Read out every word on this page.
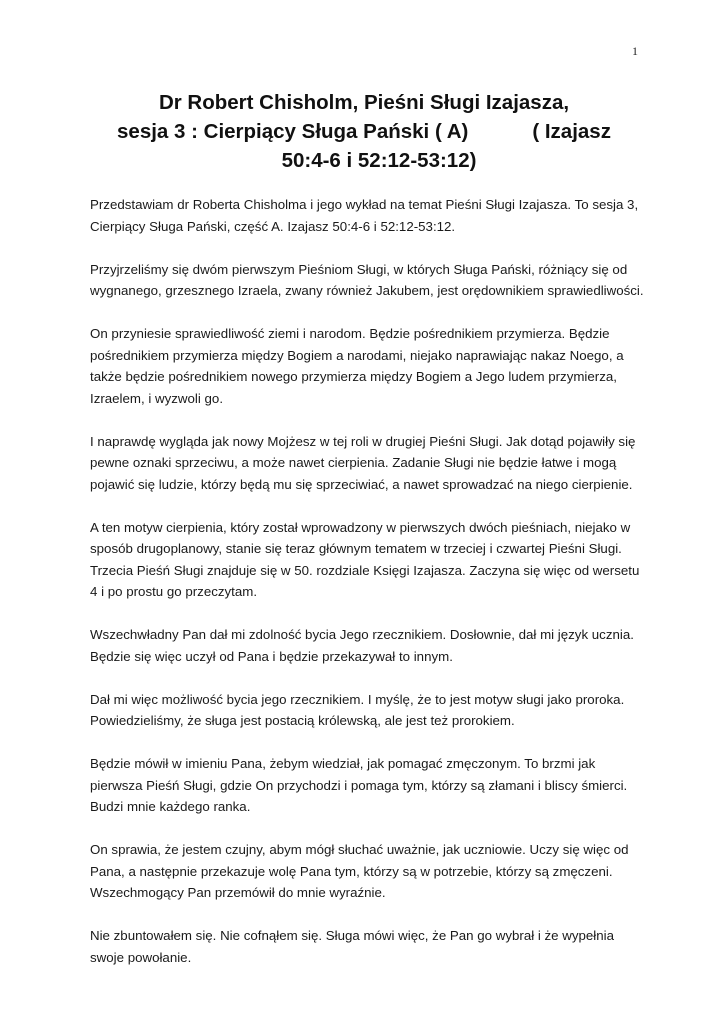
1
Dr Robert Chisholm, Pieśni Sługi Izajasza,
sesja 3 : Cierpiący Sługa Pański ( A)	( Izajasz
50:4-6 i 52:12-53:12)

Przedstawiam dr Roberta Chisholma i jego wykład na temat Pieśni Sługi Izajasza. To sesja 3, Cierpiący Sługa Pański, część A. Izajasz 50:4-6 i 52:12-53:12.

Przyjrzeliśmy się dwóm pierwszym Pieśniom Sługi, w których Sługa Pański, różniący się od wygnanego, grzesznego Izraela, zwany również Jakubem, jest orędownikiem sprawiedliwości.

On przyniesie sprawiedliwość ziemi i narodom. Będzie pośrednikiem przymierza. Będzie pośrednikiem przymierza między Bogiem a narodami, niejako naprawiając nakaz Noego, a także będzie pośrednikiem nowego przymierza między Bogiem a Jego ludem przymierza, Izraelem, i wyzwoli go.

I naprawdę wygląda jak nowy Mojżesz w tej roli w drugiej Pieśni Sługi. Jak dotąd pojawiły się pewne oznaki sprzeciwu, a może nawet cierpienia. Zadanie Sługi nie będzie łatwe i mogą pojawić się ludzie, którzy będą mu się sprzeciwiać, a nawet sprowadzać na niego cierpienie.

A ten motyw cierpienia, który został wprowadzony w pierwszych dwóch pieśniach, niejako w sposób drugoplanowy, stanie się teraz głównym tematem w trzeciej i czwartej Pieśni Sługi. Trzecia Pieśń Sługi znajduje się w 50. rozdziale Księgi Izajasza. Zaczyna się więc od wersetu 4 i po prostu go przeczytam.

Wszechwładny Pan dał mi zdolność bycia Jego rzecznikiem. Dosłownie, dał mi język ucznia. Będzie się więc uczył od Pana i będzie przekazywał to innym.

Dał mi więc możliwość bycia jego rzecznikiem. I myślę, że to jest motyw sługi jako proroka. Powiedzieliśmy, że sługa jest postacią królewską, ale jest też prorokiem.

Będzie mówił w imieniu Pana, żebym wiedział, jak pomagać zmęczonym. To brzmi jak pierwsza Pieśń Sługi, gdzie On przychodzi i pomaga tym, którzy są złamani i bliscy śmierci. Budzi mnie każdego ranka.

On sprawia, że jestem czujny, abym mógł słuchać uważnie, jak uczniowie. Uczy się więc od Pana, a następnie przekazuje wolę Pana tym, którzy są w potrzebie, którzy są zmęczeni. Wszechmogący Pan przemówił do mnie wyraźnie.

Nie zbuntowałem się. Nie cofnąłem się. Sługa mówi więc, że Pan go wybrał i że wypełnia swoje powołanie.
